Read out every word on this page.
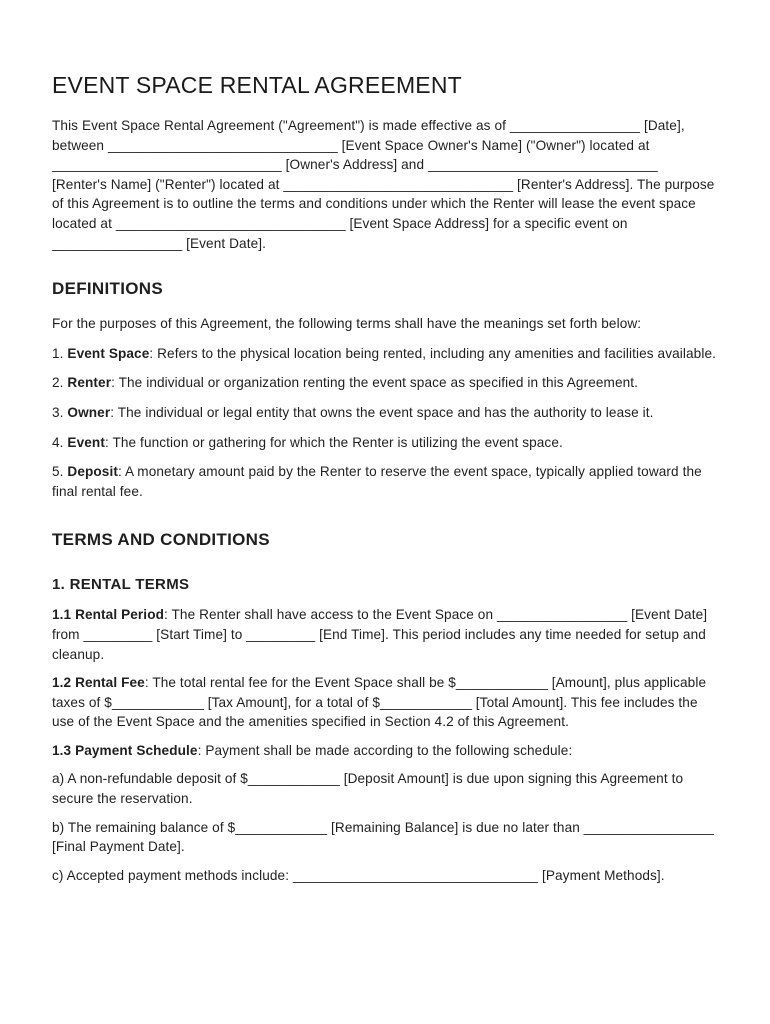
EVENT SPACE RENTAL AGREEMENT

This Event Space Rental Agreement ("Agreement") is made effective as of _________________ [Date], between ______________________________ [Event Space Owner's Name] ("Owner") located at ______________________________ [Owner's Address] and ______________________________ [Renter's Name] ("Renter") located at ______________________________ [Renter's Address]. The purpose of this Agreement is to outline the terms and conditions under which the Renter will lease the event space located at ______________________________ [Event Space Address] for a specific event on _________________ [Event Date].

DEFINITIONS

For the purposes of this Agreement, the following terms shall have the meanings set forth below:

1. Event Space: Refers to the physical location being rented, including any amenities and facilities available.

2. Renter: The individual or organization renting the event space as specified in this Agreement.

3. Owner: The individual or legal entity that owns the event space and has the authority to lease it.

4. Event: The function or gathering for which the Renter is utilizing the event space.

5. Deposit: A monetary amount paid by the Renter to reserve the event space, typically applied toward the final rental fee.

TERMS AND CONDITIONS
1. RENTAL TERMS

1.1 Rental Period: The Renter shall have access to the Event Space on _________________ [Event Date] from _________ [Start Time] to _________ [End Time]. This period includes any time needed for setup and cleanup.

1.2 Rental Fee: The total rental fee for the Event Space shall be $____________ [Amount], plus applicable taxes of $____________ [Tax Amount], for a total of $____________ [Total Amount]. This fee includes the use of the Event Space and the amenities specified in Section 4.2 of this Agreement.

1.3 Payment Schedule: Payment shall be made according to the following schedule:

a) A non-refundable deposit of $____________ [Deposit Amount] is due upon signing this Agreement to secure the reservation.

b) The remaining balance of $____________ [Remaining Balance] is due no later than _________________ [Final Payment Date].

c) Accepted payment methods include: ________________________________ [Payment Methods].
